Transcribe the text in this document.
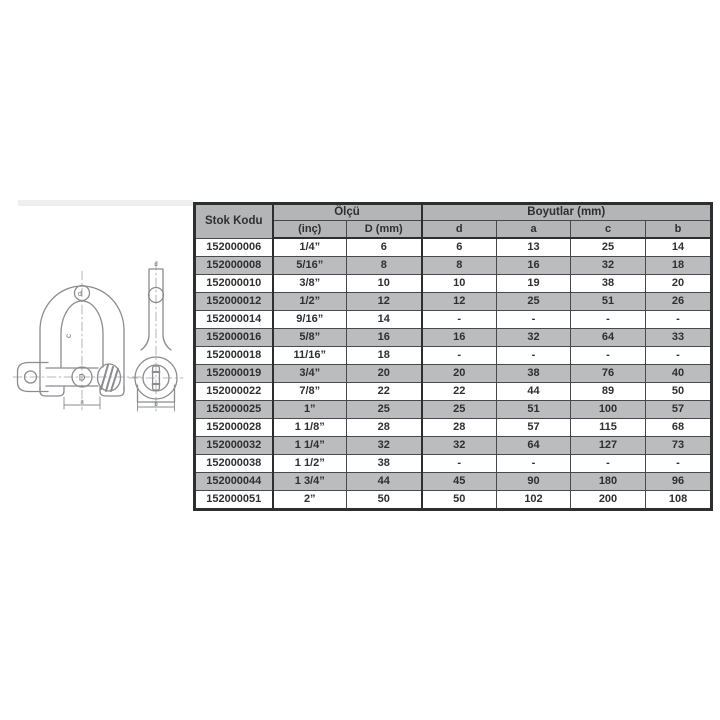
d
c
D
a
d
b
Stok Kodu	Ölçü		Boyutlar (mm)			
	(inç)	D (mm)	d	a	c	b
152000006	1/4”	6	6	13	25	14
152000008	5/16”	8	8	16	32	18
152000010	3/8”	10	10	19	38	20
152000012	1/2”	12	12	25	51	26
152000014	9/16”	14	-	-	-	-
152000016	5/8”	16	16	32	64	33
152000018	11/16”	18	-	-	-	-
152000019	3/4”	20	20	38	76	40
152000022	7/8”	22	22	44	89	50
152000025	1”	25	25	51	100	57
152000028	1 1/8”	28	28	57	115	68
152000032	1 1/4”	32	32	64	127	73
152000038	1 1/2”	38	-	-	-	-
152000044	1 3/4”	44	45	90	180	96
152000051	2”	50	50	102	200	108
